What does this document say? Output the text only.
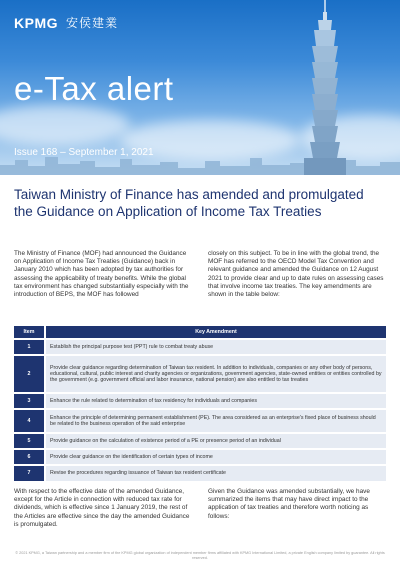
KPMG 安侯建業
e-Tax alert
Issue 168 – September 1, 2021
Taiwan Ministry of Finance has amended and promulgated the Guidance on Application of Income Tax Treaties

The Ministry of Finance (MOF) had announced the Guidance on Application of Income Tax Treaties (Guidance) back in January 2010 which has been adopted by tax authorities for assessing the applicability of treaty benefits. While the global tax environment has changed substantially especially with the introduction of BEPS, the MOF has followed

closely on this subject. To be in line with the global trend, the MOF has referred to the OECD Model Tax Convention and relevant guidance and amended the Guidance on 12 August 2021 to provide clear and up to date rules on assessing cases that involve income tax treaties. The key amendments are shown in the table below:

Item	Key Amendment
1	Establish the principal purpose test (PPT) rule to combat treaty abuse
2	Provide clear guidance regarding determination of Taiwan tax resident. In addition to individuals, companies or any other body of persons, educational, cultural, public interest and charity agencies or organizations, government agencies, state-owned entities or entities controlled by the government (e.g. government official and labor insurance, national pension) are also entitled to tax treaties
3	Enhance the rule related to determination of tax residency for individuals and companies
4	Enhance the principle of determining permanent establishment (PE). The area considered as an enterprise's fixed place of business should be related to the business operation of the said enterprise
5	Provide guidance on the calculation of existence period of a PE or presence period of an individual
6	Provide clear guidance on the identification of certain types of income
7	Revise the procedures regarding issuance of Taiwan tax resident certificate

With respect to the effective date of the amended Guidance, except for the Article in connection with reduced tax rate for dividends, which is effective since 1 January 2019, the rest of the Articles are effective since the day the amended Guidance is promulgated.

Given the Guidance was amended substantially, we have summarized the items that may have direct impact to the application of tax treaties and therefore worth noticing as follows:

© 2021 KPMG, a Taiwan partnership and a member firm of the KPMG global organization of independent member firms affiliated with KPMG International Limited, a private English company limited by guarantee. All rights reserved.
